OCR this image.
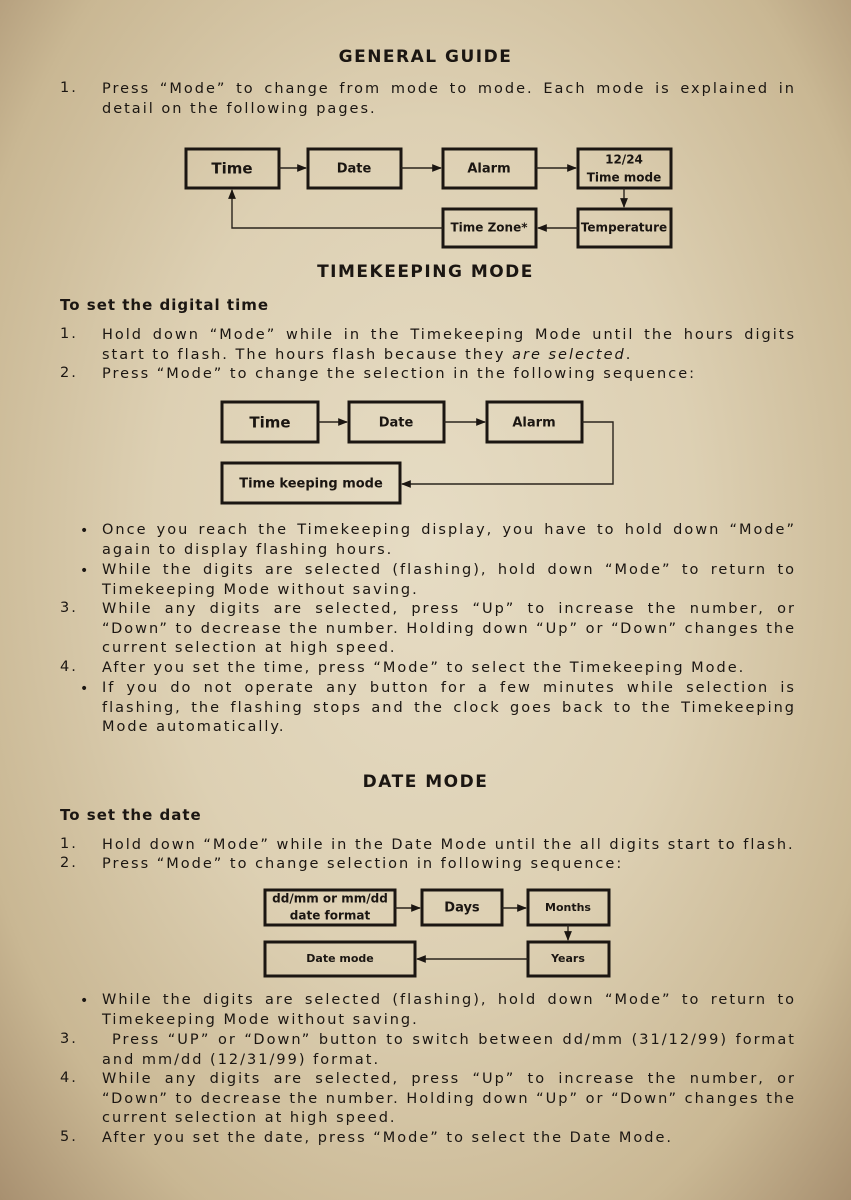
GENERAL GUIDE
1. Press “Mode” to change from mode to mode. Each mode is explained in detail on the following pages.
Time	Date	Alarm
12/24
Time mode
Temperature
Time Zone*
TIMEKEEPING MODE
To set the digital time
1. Hold down “Mode” while in the Timekeeping Mode until the hours digits start to flash. The hours flash because they are selected.
2. Press “Mode” to change the selection in the following sequence:
Time	Date	Alarm
Time keeping mode
• Once you reach the Timekeeping display, you have to hold down “Mode” again to display flashing hours.
• While the digits are selected (flashing), hold down “Mode” to return to Timekeeping Mode without saving.
3. While any digits are selected, press “Up” to increase the number, or “Down” to decrease the number. Holding down “Up” or “Down” changes the current selection at high speed.
4. After you set the time, press “Mode” to select the Timekeeping Mode.
• If you do not operate any button for a few minutes while selection is flashing, the flashing stops and the clock goes back to the Timekeeping Mode automatically.
DATE MODE
To set the date
1. Hold down “Mode” while in the Date Mode until the all digits start to flash.
2. Press “Mode” to change selection in following sequence:
dd/mm or mm/dd
date format	Days	Months
Years
Date mode
• While the digits are selected (flashing), hold down “Mode” to return to Timekeeping Mode without saving.
3.	Press “UP” or “Down” button to switch between dd/mm (31/12/99) format and mm/dd (12/31/99) format.
4. While any digits are selected, press “Up” to increase the number, or “Down” to decrease the number. Holding down “Up” or “Down” changes the current selection at high speed.
5. After you set the date, press “Mode” to select the Date Mode.
